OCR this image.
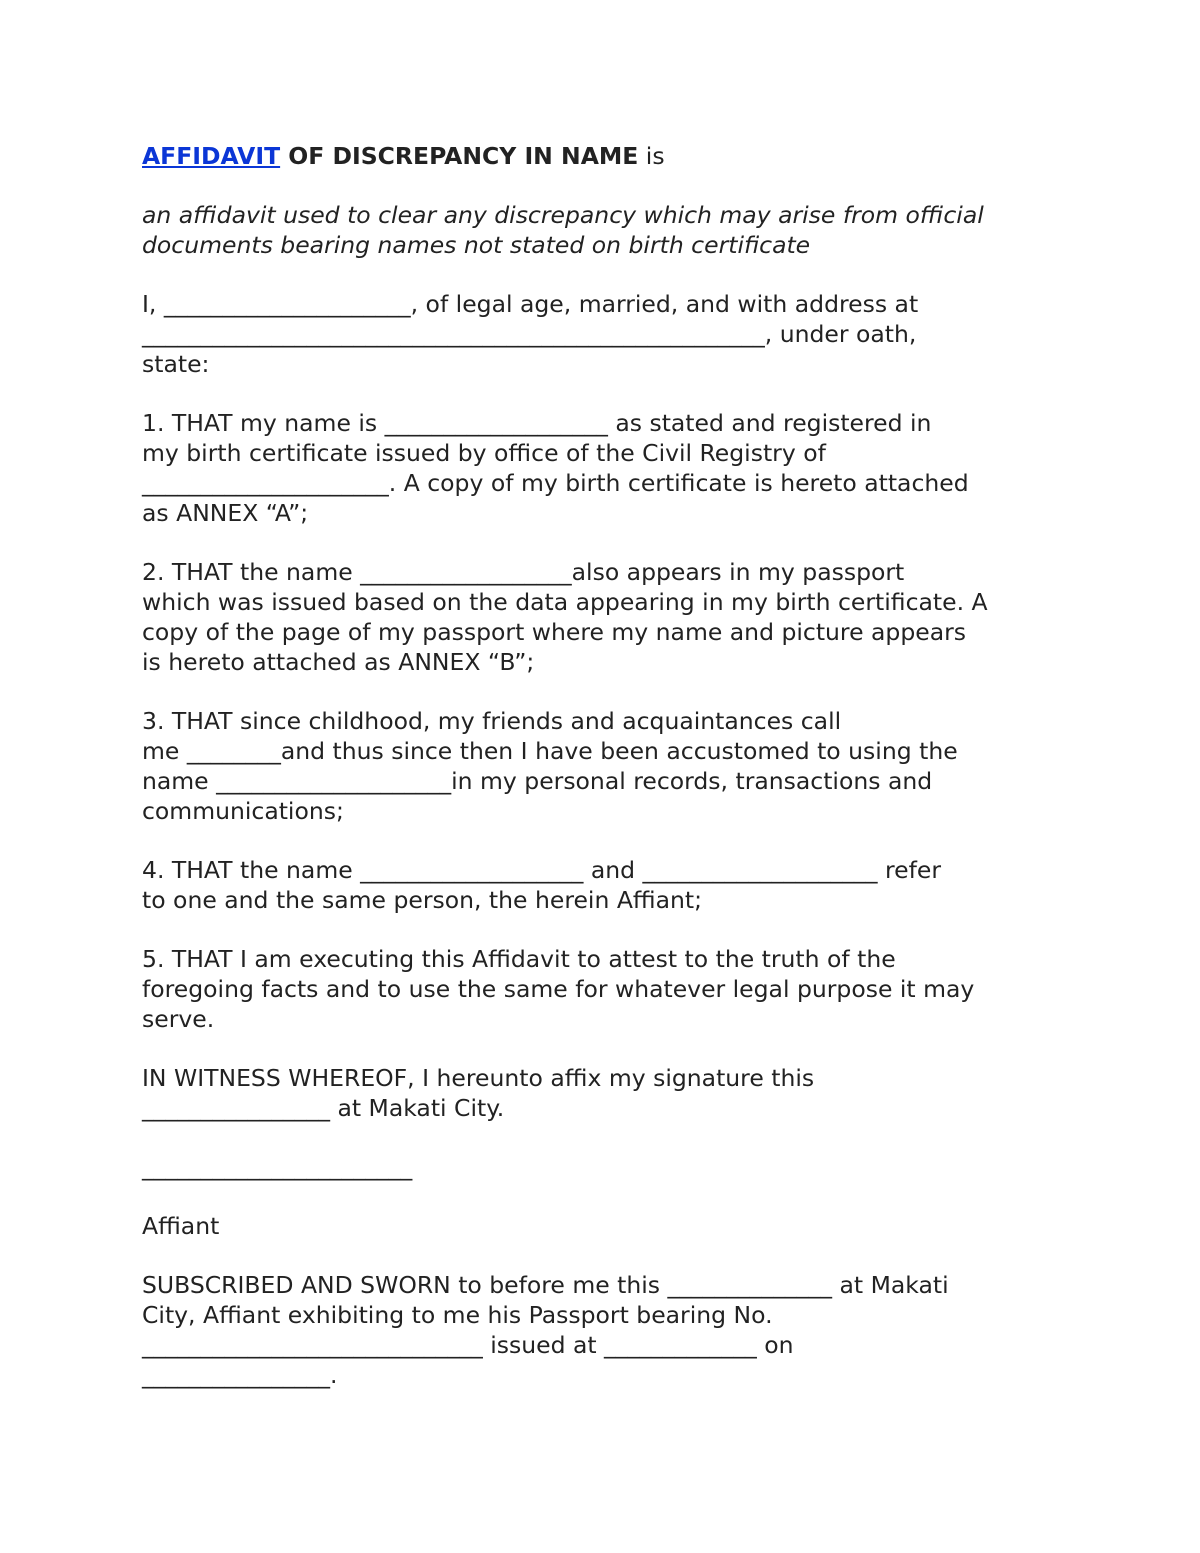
AFFIDAVIT OF DISCREPANCY IN NAME is
an affidavit used to clear any discrepancy which may arise from official
documents bearing names not stated on birth certificate
I, _____________________, of legal age, married, and with address at
_____________________________________________________, under oath,
state:
1. THAT my name is ___________________ as stated and registered in
my birth certificate issued by office of the Civil Registry of
_____________________. A copy of my birth certificate is hereto attached
as ANNEX “A”;
2. THAT the name __________________also appears in my passport
which was issued based on the data appearing in my birth certificate. A
copy of the page of my passport where my name and picture appears
is hereto attached as ANNEX “B”;
3. THAT since childhood, my friends and acquaintances call
me ________and thus since then I have been accustomed to using the
name ____________________in my personal records, transactions and
communications;
4. THAT the name ___________________ and ____________________ refer
to one and the same person, the herein Affiant;
5. THAT I am executing this Affidavit to attest to the truth of the
foregoing facts and to use the same for whatever legal purpose it may
serve.
IN WITNESS WHEREOF, I hereunto affix my signature this
________________ at Makati City.
_______________________
Affiant
SUBSCRIBED AND SWORN to before me this ______________ at Makati
City, Affiant exhibiting to me his Passport bearing No.
_____________________________ issued at _____________ on
________________.
